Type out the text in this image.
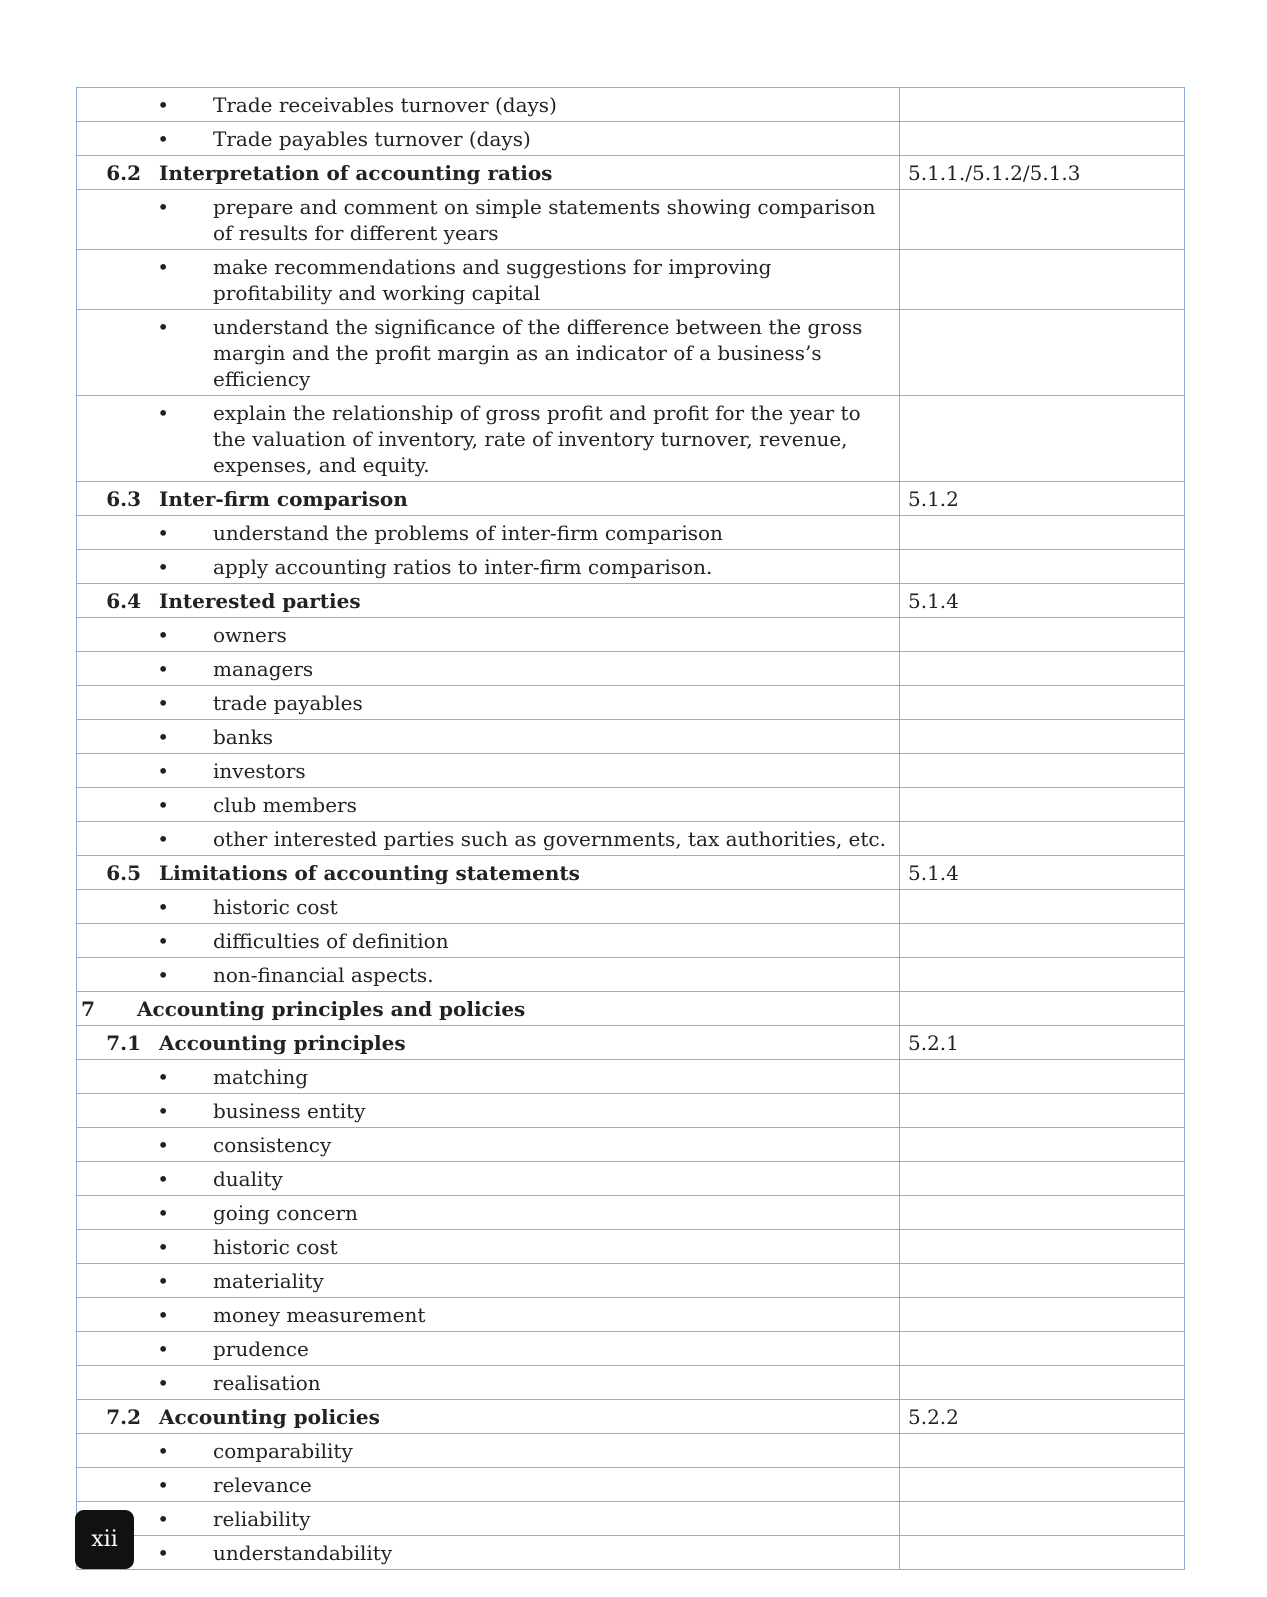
• Trade receivables turnover (days)	

• Trade payables turnover (days)	

6.2 Interpretation of accounting ratios	5.1.1./5.1.2/5.1.3

• prepare and comment on simple statements showing comparison of results for different years	

• make recommendations and suggestions for improving profitability and working capital	

• understand the significance of the difference between the gross margin and the profit margin as an indicator of a business’s efficiency	

• explain the relationship of gross profit and profit for the year to the valuation of inventory, rate of inventory turnover, revenue, expenses, and equity.	

6.3 Inter-firm comparison	5.1.2

• understand the problems of inter-firm comparison	

• apply accounting ratios to inter-firm comparison.	

6.4 Interested parties	5.1.4

• owners	

• managers	

• trade payables	

• banks	

• investors	

• club members	

• other interested parties such as governments, tax authorities, etc.	

6.5 Limitations of accounting statements	5.1.4

• historic cost	

• difficulties of definition	

• non-financial aspects.	

7 Accounting principles and policies	

7.1 Accounting principles	5.2.1

• matching	

• business entity	

• consistency	

• duality	

• going concern	

• historic cost	

• materiality	

• money measurement	

• prudence	

• realisation	

7.2 Accounting policies	5.2.2

• comparability	

• relevance	

• reliability	

• understandability	

xii
